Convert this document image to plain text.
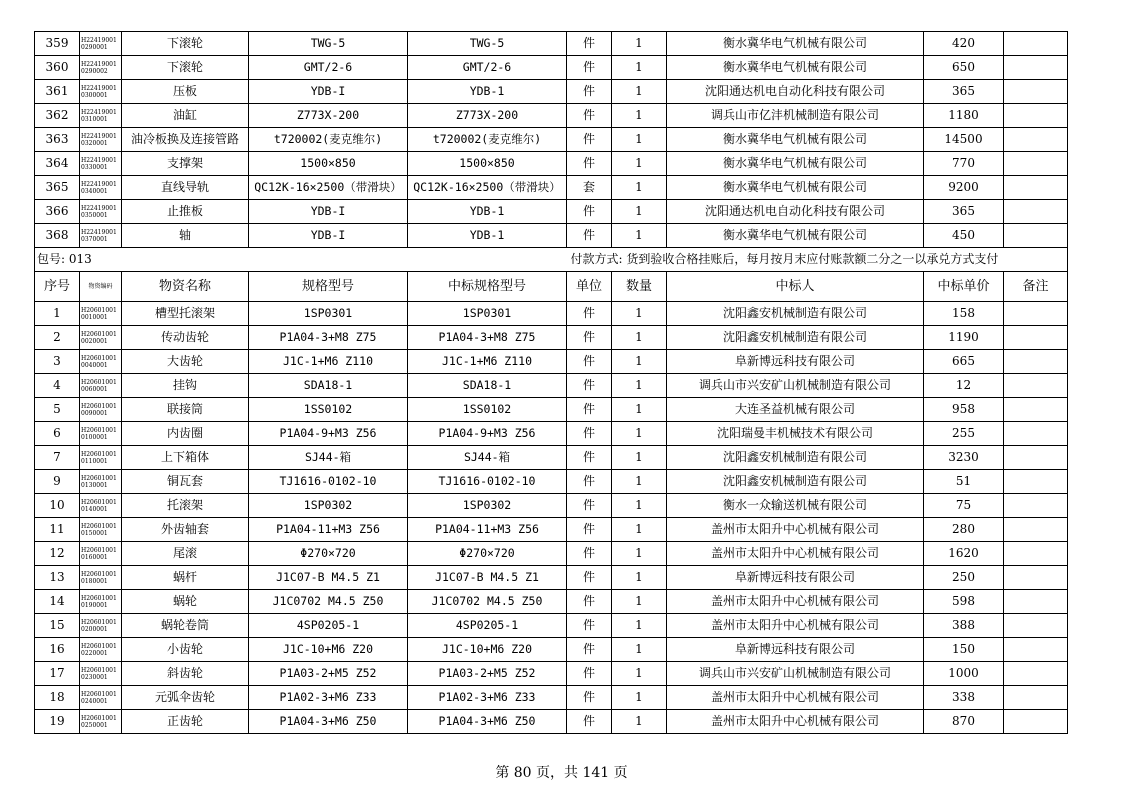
359	H22419001 0290001	下滚轮	TWG-5	TWG-5	件	1	衡水冀华电气机械有限公司	420	
360	H22419001 0290002	下滚轮	GMT/2-6	GMT/2-6	件	1	衡水冀华电气机械有限公司	650	
361	H22419001 0300001	压板	YDB-I	YDB-1	件	1	沈阳通达机电自动化科技有限公司	365	
362	H22419001 0310001	油缸	Z773X-200	Z773X-200	件	1	调兵山市亿沣机械制造有限公司	1180	
363	H22419001 0320001	油冷板换及连接管路	t720002(麦克维尔)	t720002(麦克维尔)	件	1	衡水冀华电气机械有限公司	14500	
364	H22419001 0330001	支撑架	1500×850	1500×850	件	1	衡水冀华电气机械有限公司	770	
365	H22419001 0340001	直线导轨	QC12K-16×2500（带滑块）	QC12K-16×2500（带滑块）	套	1	衡水冀华电气机械有限公司	9200	
366	H22419001 0350001	止推板	YDB-I	YDB-1	件	1	沈阳通达机电自动化科技有限公司	365	
368	H22419001 0370001	轴	YDB-I	YDB-1	件	1	衡水冀华电气机械有限公司	450	
包号: 013					付款方式: 货到验收合格挂账后，每月按月末应付账款额二分之一以承兑方式支付				
序号	物资编码	物资名称	规格型号	中标规格型号	单位	数量	中标人	中标单价	备注
1	H20601001 0010001	槽型托滚架	1SP0301	1SP0301	件	1	沈阳鑫安机械制造有限公司	158	
2	H20601001 0020001	传动齿轮	P1A04-3+M8 Z75	P1A04-3+M8 Z75	件	1	沈阳鑫安机械制造有限公司	1190	
3	H20601001 0040001	大齿轮	J1C-1+M6 Z110	J1C-1+M6 Z110	件	1	阜新博远科技有限公司	665	
4	H20601001 0060001	挂钩	SDA18-1	SDA18-1	件	1	调兵山市兴安矿山机械制造有限公司	12	
5	H20601001 0090001	联接筒	1SS0102	1SS0102	件	1	大连圣益机械有限公司	958	
6	H20601001 0100001	内齿圈	P1A04-9+M3 Z56	P1A04-9+M3 Z56	件	1	沈阳瑞曼丰机械技术有限公司	255	
7	H20601001 0110001	上下箱体	SJ44-箱	SJ44-箱	件	1	沈阳鑫安机械制造有限公司	3230	
9	H20601001 0130001	铜瓦套	TJ1616-0102-10	TJ1616-0102-10	件	1	沈阳鑫安机械制造有限公司	51	
10	H20601001 0140001	托滚架	1SP0302	1SP0302	件	1	衡水一众输送机械有限公司	75	
11	H20601001 0150001	外齿轴套	P1A04-11+M3 Z56	P1A04-11+M3 Z56	件	1	盖州市太阳升中心机械有限公司	280	
12	H20601001 0160001	尾滚	Φ270×720	Φ270×720	件	1	盖州市太阳升中心机械有限公司	1620	
13	H20601001 0180001	蜗杆	J1C07-B M4.5 Z1	J1C07-B M4.5 Z1	件	1	阜新博远科技有限公司	250	
14	H20601001 0190001	蜗轮	J1C0702 M4.5 Z50	J1C0702 M4.5 Z50	件	1	盖州市太阳升中心机械有限公司	598	
15	H20601001 0200001	蜗轮卷筒	4SP0205-1	4SP0205-1	件	1	盖州市太阳升中心机械有限公司	388	
16	H20601001 0220001	小齿轮	J1C-10+M6 Z20	J1C-10+M6 Z20	件	1	阜新博远科技有限公司	150	
17	H20601001 0230001	斜齿轮	P1A03-2+M5 Z52	P1A03-2+M5 Z52	件	1	调兵山市兴安矿山机械制造有限公司	1000	
18	H20601001 0240001	元弧伞齿轮	P1A02-3+M6 Z33	P1A02-3+M6 Z33	件	1	盖州市太阳升中心机械有限公司	338	
19	H20601001 0250001	正齿轮	P1A04-3+M6 Z50	P1A04-3+M6 Z50	件	1	盖州市太阳升中心机械有限公司	870	
第 80 页，共 141 页
